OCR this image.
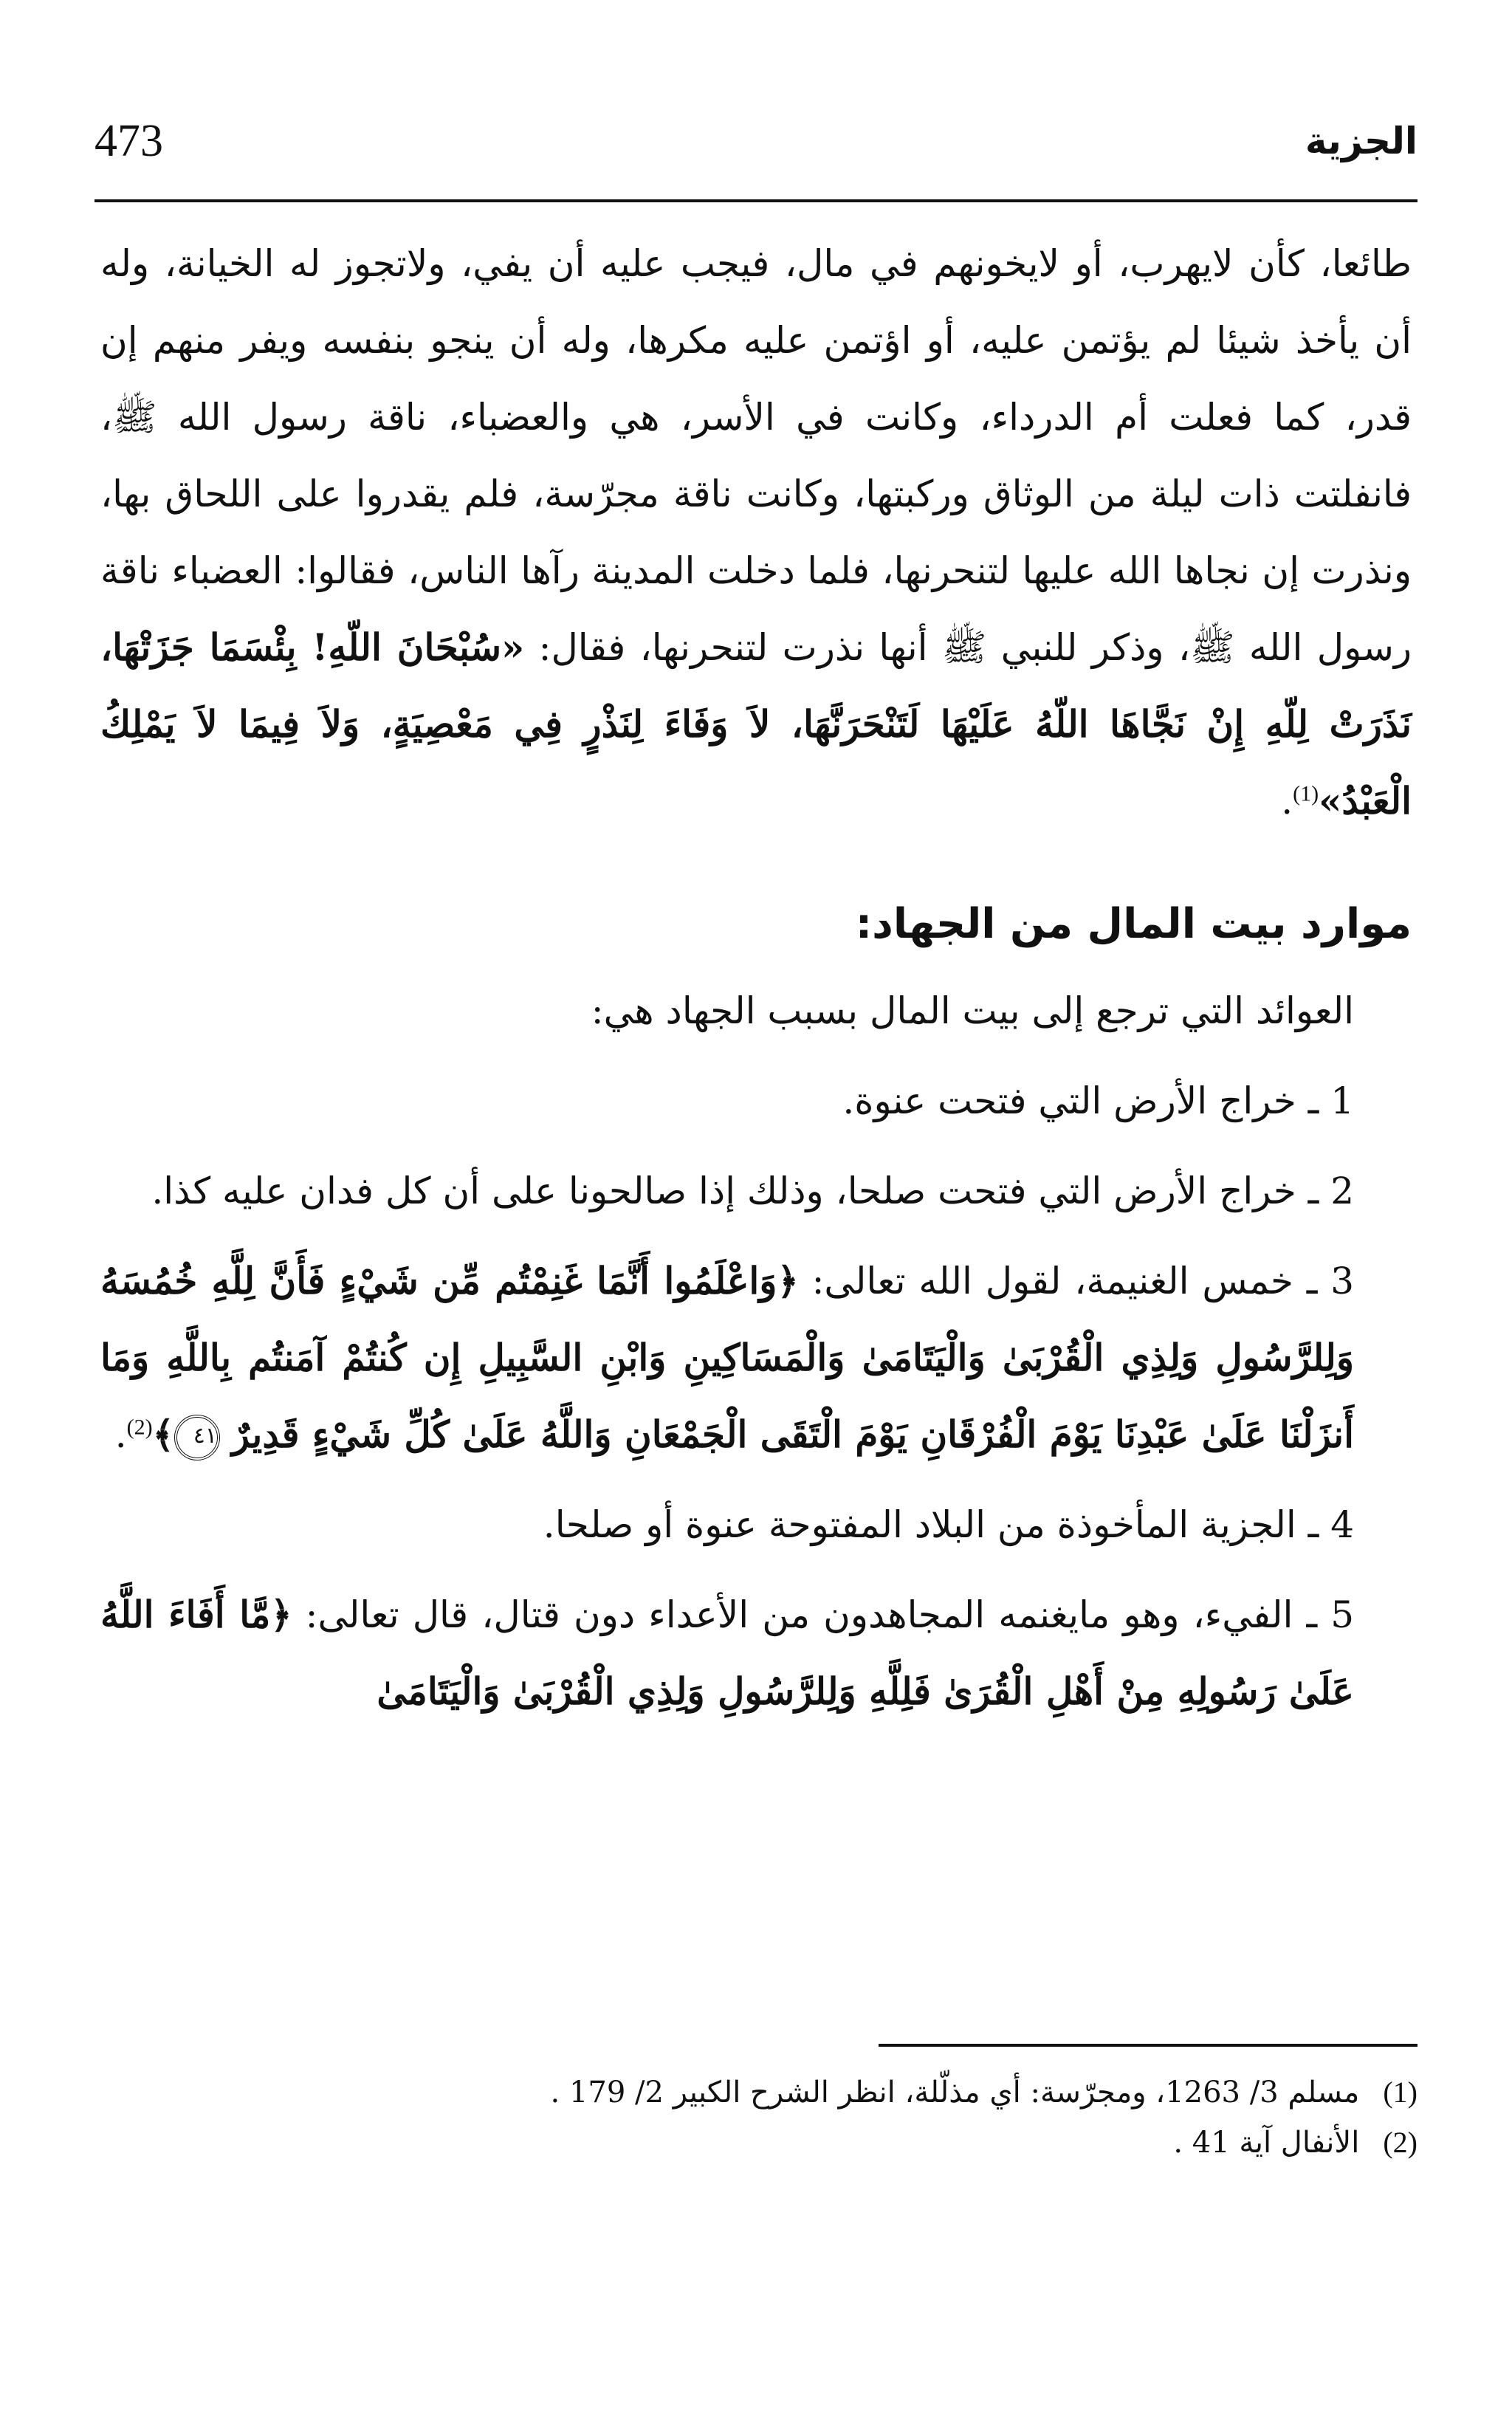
473	الجزية

طائعا، كأن لايهرب، أو لايخونهم في مال، فيجب عليه أن يفي، ولاتجوز له الخيانة، وله أن يأخذ شيئا لم يؤتمن عليه، أو اؤتمن عليه مكرها، وله أن ينجو بنفسه ويفر منهم إن قدر، كما فعلت أم الدرداء، وكانت في الأسر، هي والعضباء، ناقة رسول الله ﷺ، فانفلتت ذات ليلة من الوثاق وركبتها، وكانت ناقة مجرّسة، فلم يقدروا على اللحاق بها، ونذرت إن نجاها الله عليها لتنحرنها، فلما دخلت المدينة رآها الناس، فقالوا: العضباء ناقة رسول الله ﷺ، وذكر للنبي ﷺ أنها نذرت لتنحرنها، فقال: «سُبْحَانَ اللّهِ! بِئْسَمَا جَزَتْهَا، نَذَرَتْ لِلّهِ إِنْ نَجَّاهَا اللّهُ عَلَيْهَا لَتَنْحَرَنَّهَا، لاَ وَفَاءَ لِنَذْرٍ فِي مَعْصِيَةٍ، وَلاَ فِيمَا لاَ يَمْلِكُ الْعَبْدُ»$^{(1)}$.

موارد بيت المال من الجهاد:

العوائد التي ترجع إلى بيت المال بسبب الجهاد هي:

1 ـ خراج الأرض التي فتحت عنوة.

2 ـ خراج الأرض التي فتحت صلحا، وذلك إذا صالحونا على أن كل فدان عليه كذا.

3 ـ خمس الغنيمة، لقول الله تعالى: ﴿وَاعْلَمُوا أَنَّمَا غَنِمْتُم مِّن شَيْءٍ فَأَنَّ لِلَّهِ خُمُسَهُ وَلِلرَّسُولِ وَلِذِي الْقُرْبَىٰ وَالْيَتَامَىٰ وَالْمَسَاكِينِ وَابْنِ السَّبِيلِ إِن كُنتُمْ آمَنتُم بِاللَّهِ وَمَا أَنزَلْنَا عَلَىٰ عَبْدِنَا يَوْمَ الْفُرْقَانِ يَوْمَ الْتَقَى الْجَمْعَانِ وَاللَّهُ عَلَىٰ كُلِّ شَيْءٍ قَدِيرٌ ٤١﴾$^{(2)}$.

4 ـ الجزية المأخوذة من البلاد المفتوحة عنوة أو صلحا.

5 ـ الفيء، وهو مايغنمه المجاهدون من الأعداء دون قتال، قال تعالى: ﴿مَّا أَفَاءَ اللَّهُ عَلَىٰ رَسُولِهِ مِنْ أَهْلِ الْقُرَىٰ فَلِلَّهِ وَلِلرَّسُولِ وَلِذِي الْقُرْبَىٰ وَالْيَتَامَىٰ

(1)
مسلم 3/ 1263، ومجرّسة: أي مذلّلة، انظر الشرح الكبير 2/ 179 .
(2)
الأنفال آية 41 .
